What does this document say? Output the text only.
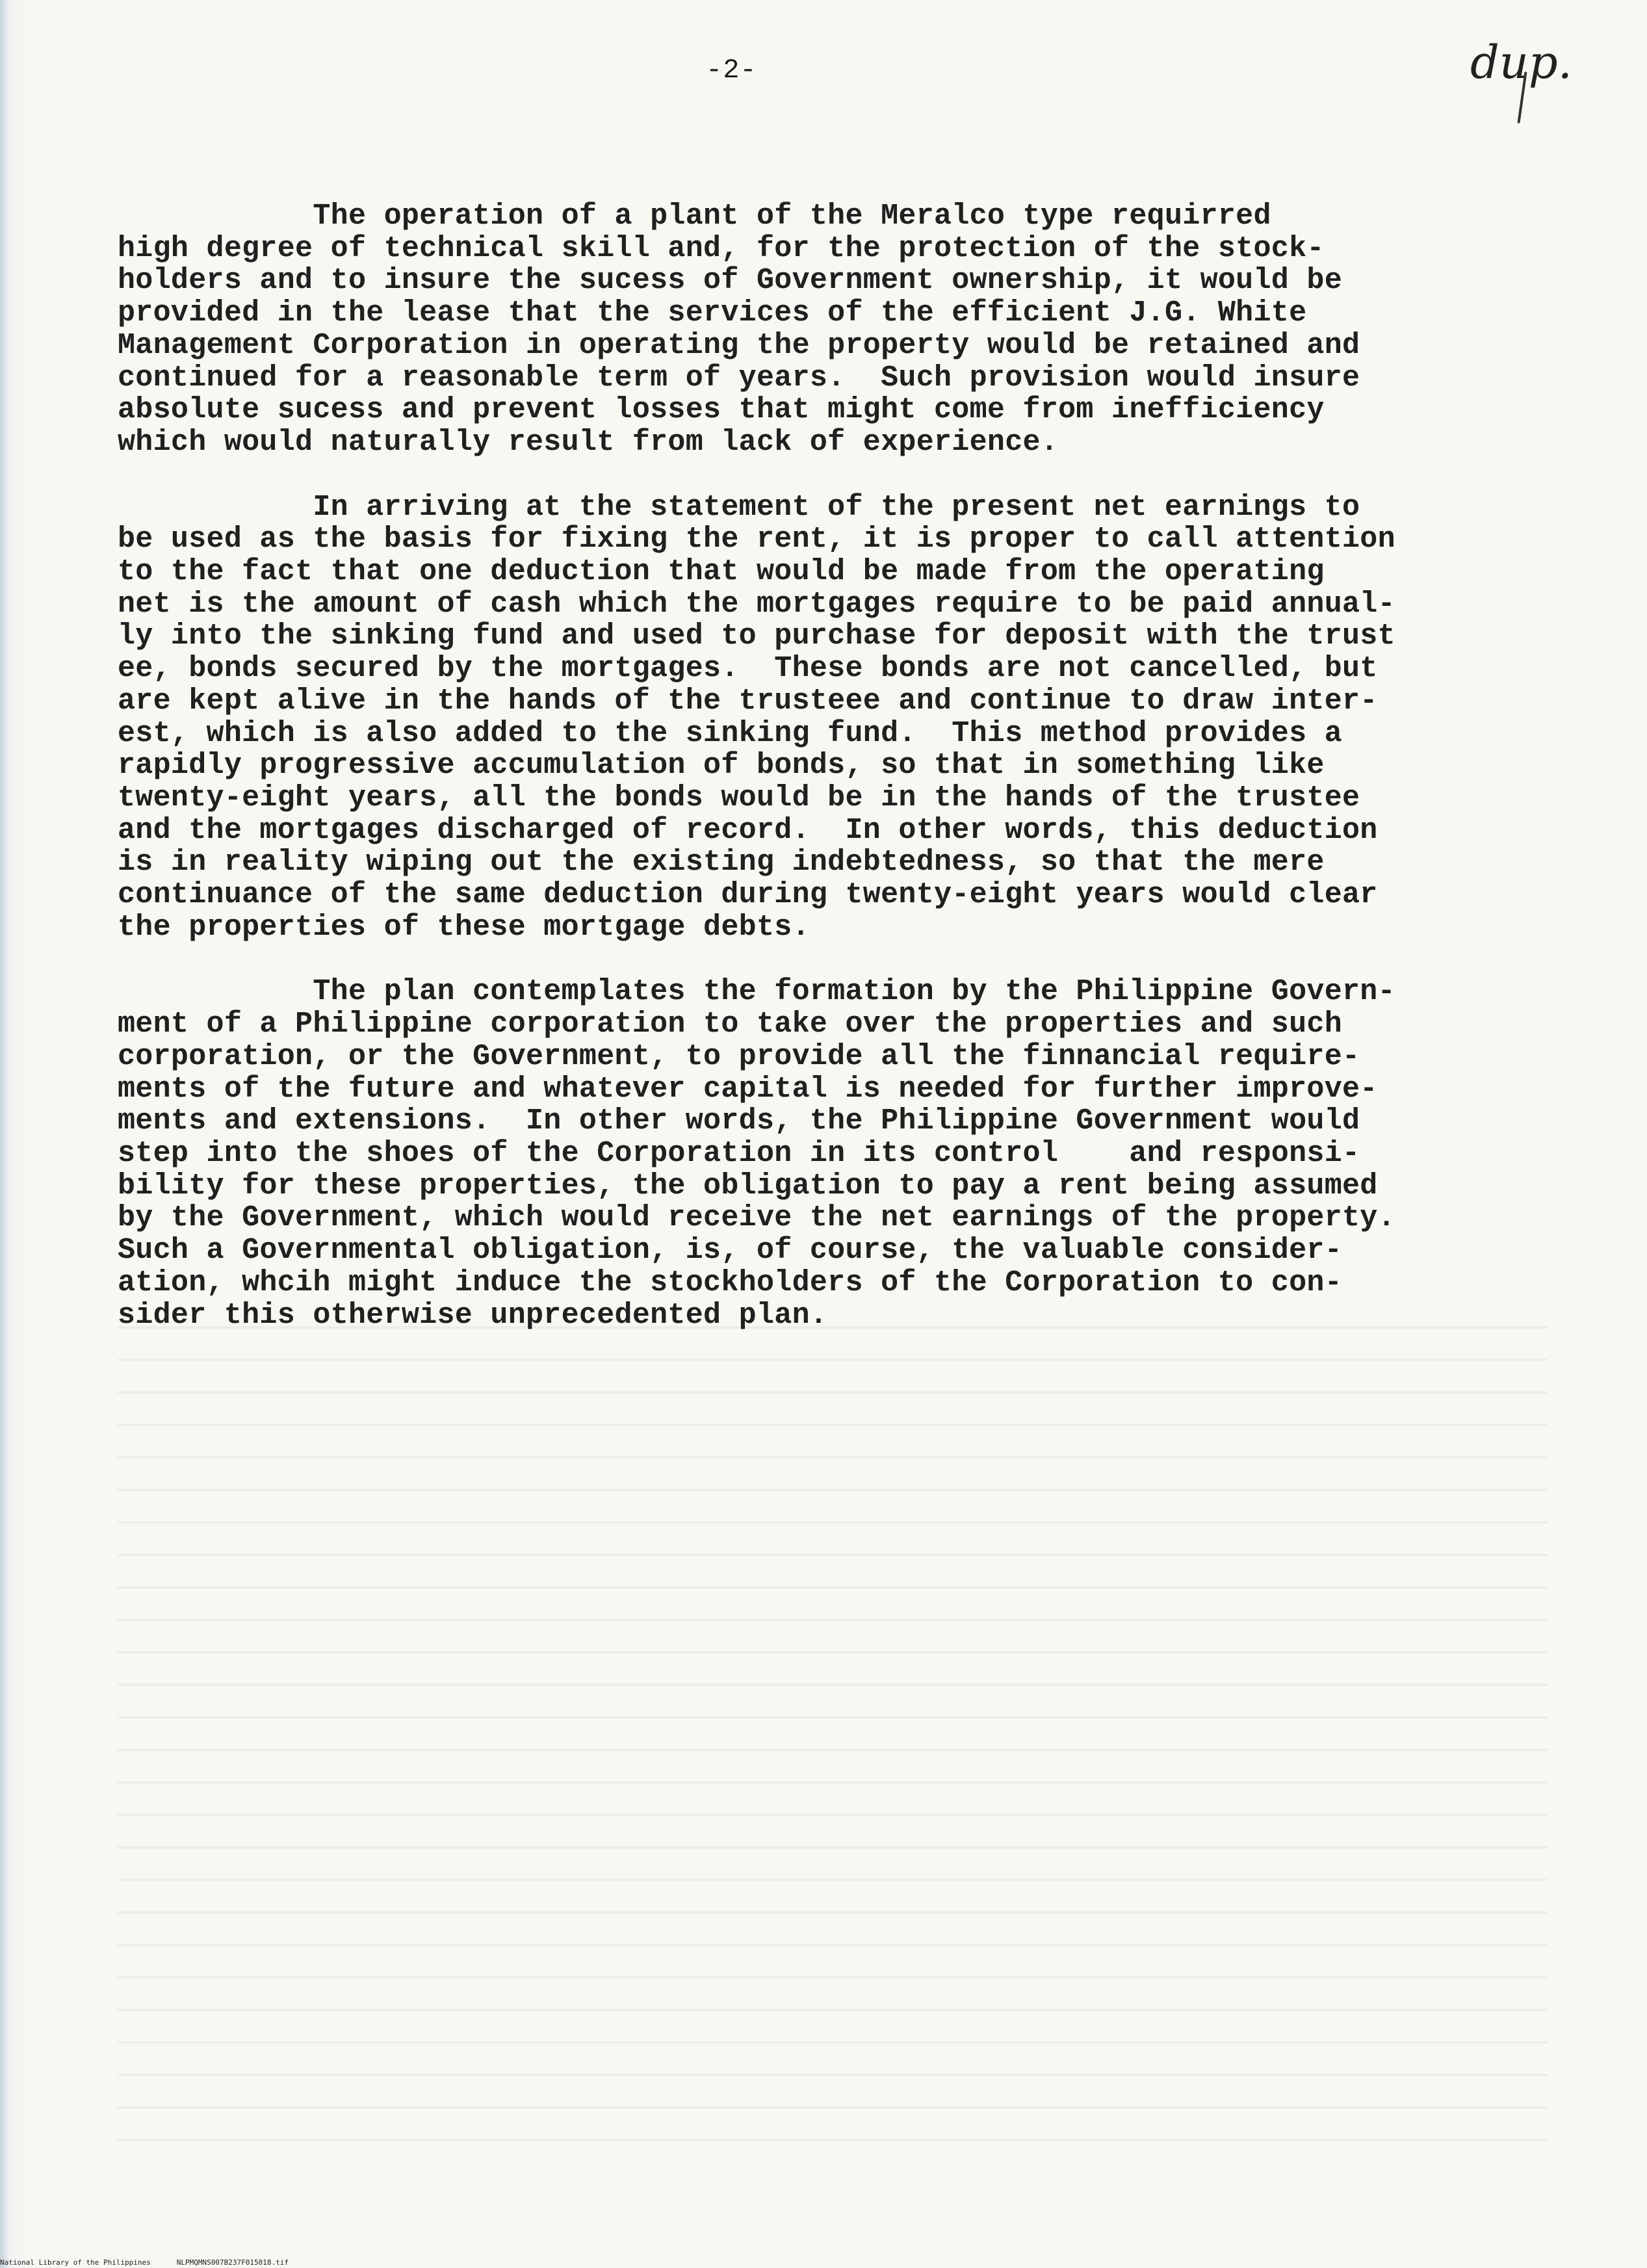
-2-	dup.
The operation of a plant of the Meralco type requirred
high degree of technical skill and, for the protection of the stock-
holders and to insure the sucess of Government ownership, it would be
provided in the lease that the services of the efficient J.G. White
Management Corporation in operating the property would be retained and
continued for a reasonable term of years.  Such provision would insure
absolute sucess and prevent losses that might come from inefficiency
which would naturally result from lack of experience.
In arriving at the statement of the present net earnings to
be used as the basis for fixing the rent, it is proper to call attention
to the fact that one deduction that would be made from the operating
net is the amount of cash which the mortgages require to be paid annual-
ly into the sinking fund and used to purchase for deposit with the trust
ee, bonds secured by the mortgages.  These bonds are not cancelled, but
are kept alive in the hands of the trusteee and continue to draw inter-
est, which is also added to the sinking fund.  This method provides a
rapidly progressive accumulation of bonds, so that in something like
twenty-eight years, all the bonds would be in the hands of the trustee
and the mortgages discharged of record.  In other words, this deduction
is in reality wiping out the existing indebtedness, so that the mere
continuance of the same deduction during twenty-eight years would clear
the properties of these mortgage debts.
The plan contemplates the formation by the Philippine Govern-
ment of a Philippine corporation to take over the properties and such
corporation, or the Government, to provide all the finnancial require-
ments of the future and whatever capital is needed for further improve-
ments and extensions.  In other words, the Philippine Government would
step into the shoes of the Corporation in its control    and responsi-
bility for these properties, the obligation to pay a rent being assumed
by the Government, which would receive the net earnings of the property.
Such a Governmental obligation, is, of course, the valuable consider-
ation, whcih might induce the stockholders of the Corporation to con-
sider this otherwise unprecedented plan.
National Library of the Philippines	NLPMQMNS007B237F015018.tif
